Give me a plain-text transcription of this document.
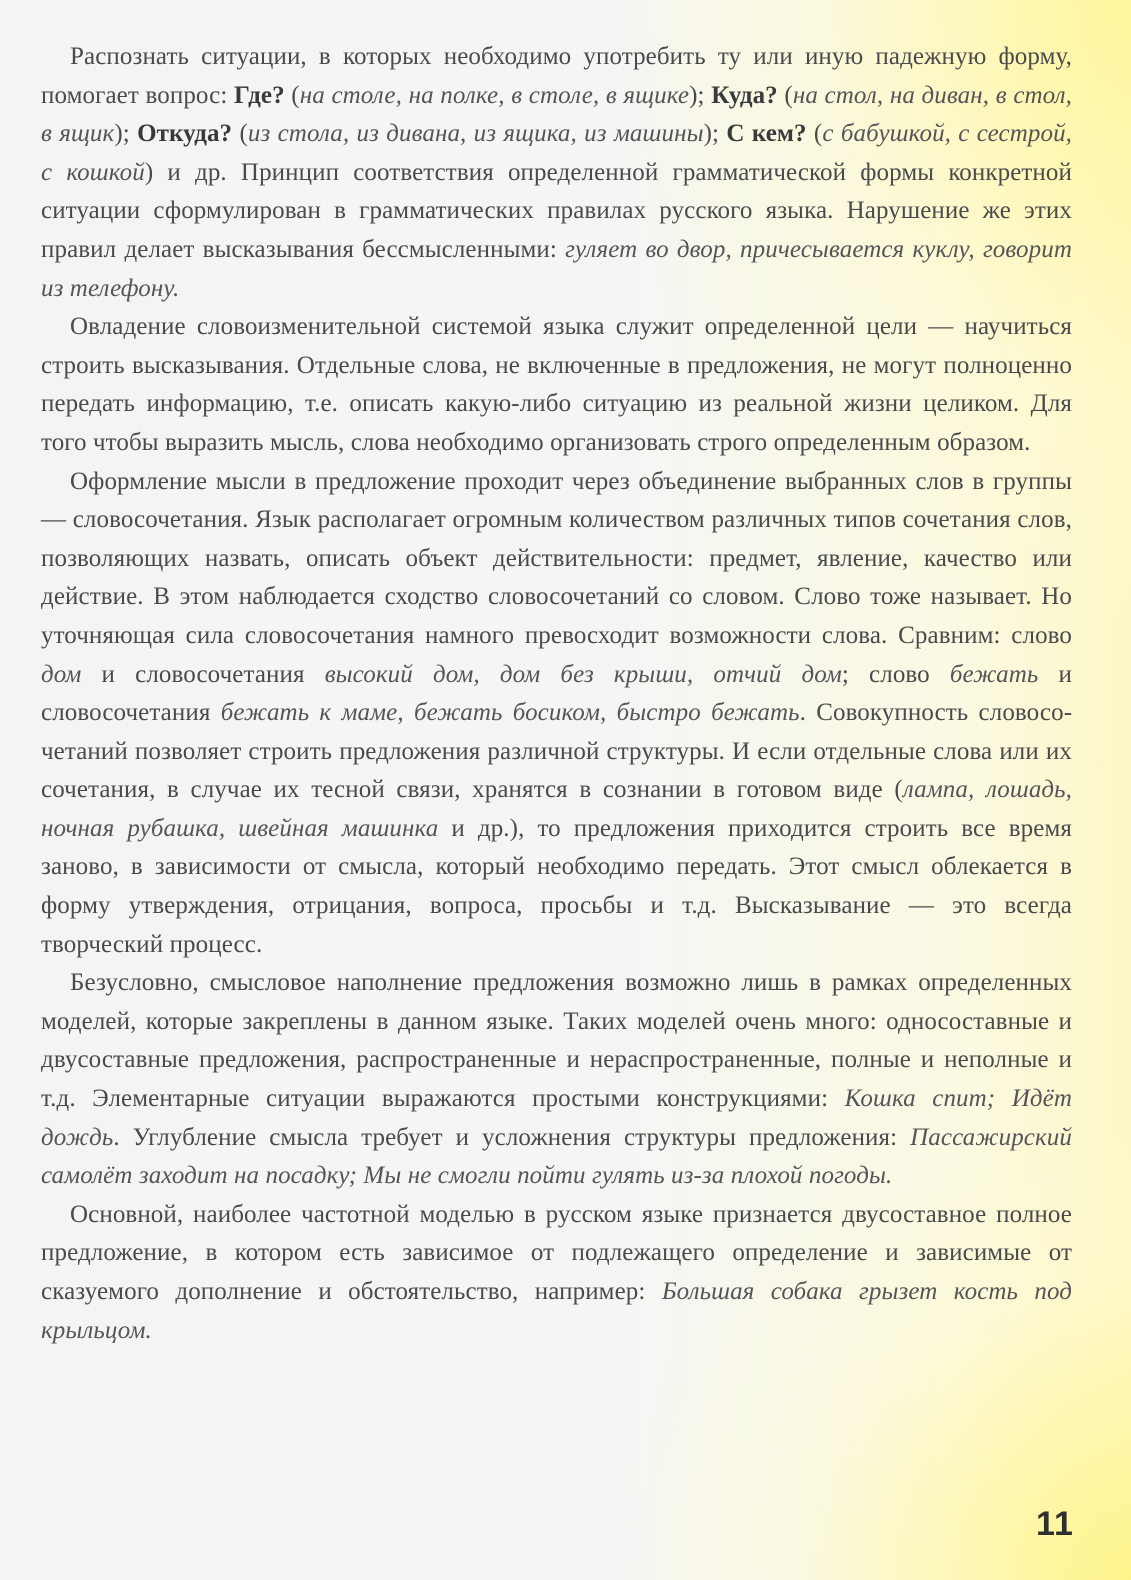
Распознать ситуации, в которых необходимо употребить ту или иную падежную форму, помогает вопрос: Где? (на столе, на полке, в столе, в ящике); Куда? (на стол, на диван, в стол, в ящик); Откуда? (из стола, из дивана, из ящика, из машины); С кем? (с бабушкой, с сестрой, с кошкой) и др. Принцип соответствия определенной грамматической формы конкретной ситуации сформулирован в грамматических правилах русского языка. Нарушение же этих правил делает высказывания бессмысленными: гуляет во двор, причесывается куклу, говорит из телефону.

Овладение словоизменительной системой языка служит определенной цели — научиться строить высказывания. Отдельные слова, не включенные в предложения, не могут полноценно передать информацию, т.е. описать какую-либо ситуацию из реальной жизни целиком. Для того чтобы выразить мысль, слова необходимо организовать строго определенным образом.

Оформление мысли в предложение проходит через объединение выбранных слов в группы — словосочетания. Язык располагает огромным количеством различных типов сочетания слов, позволяющих назвать, описать объект действительности: предмет, явление, качество или действие. В этом наблюдается сходство словосочетаний со словом. Слово тоже называет. Но уточняющая сила словосочетания намного превосходит возможности слова. Сравним: слово дом и словосочетания высокий дом, дом без крыши, отчий дом; слово бежать и словосочетания бежать к маме, бежать босиком, быстро бежать. Совокупность словосочетаний позволяет строить предложения различной структуры. И если отдельные слова или их сочетания, в случае их тесной связи, хранятся в сознании в готовом виде (лампа, лошадь, ночная рубашка, швейная машинка и др.), то предложения приходится строить все время заново, в зависимости от смысла, который необходимо передать. Этот смысл облекается в форму утверждения, отрицания, вопроса, просьбы и т.д. Высказывание — это всегда творческий процесс.

Безусловно, смысловое наполнение предложения возможно лишь в рамках определенных моделей, которые закреплены в данном языке. Таких моделей очень много: односоставные и двусоставные предложения, распространенные и нераспространенные, полные и неполные и т.д. Элементарные ситуации выражаются простыми конструкциями: Кошка спит; Идёт дождь. Углубление смысла требует и усложнения структуры предложения: Пассажирский самолёт заходит на посадку; Мы не смогли пойти гулять из-за плохой погоды.

Основной, наиболее частотной моделью в русском языке признается двусоставное полное предложение, в котором есть зависимое от подлежащего определение и зависимые от сказуемого дополнение и обстоятельство, например: Большая собака грызет кость под крыльцом.

11
